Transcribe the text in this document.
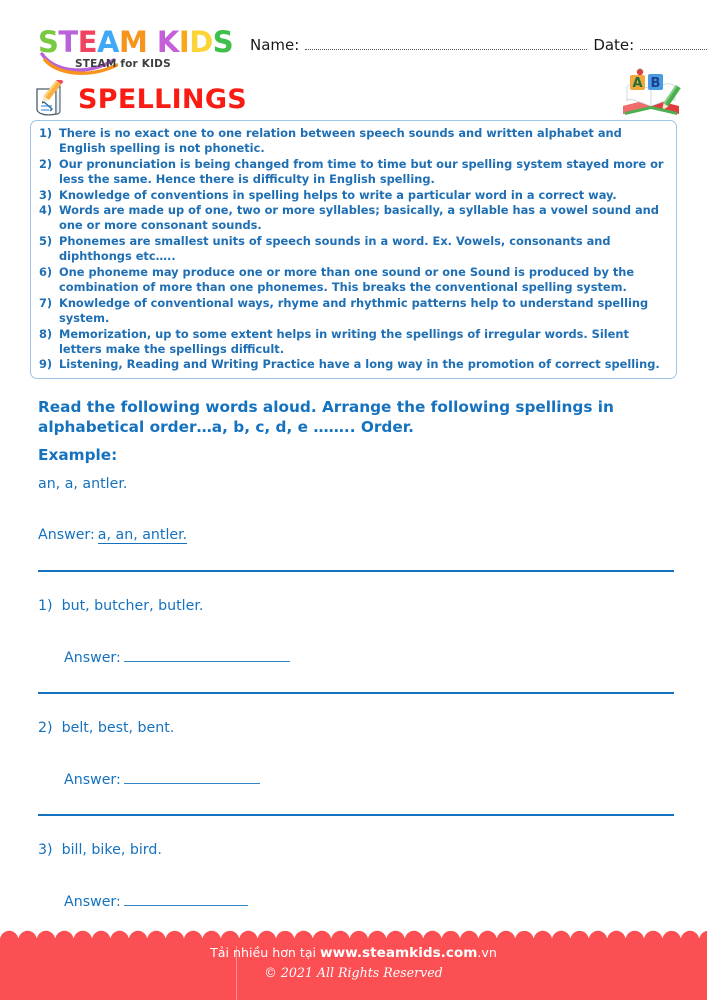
STEAM KIDS
STEAM for KIDS
Name:	Date:
SPELLINGS	A B
1) There is no exact one to one relation between speech sounds and written alphabet and English spelling is not phonetic.
2) Our pronunciation is being changed from time to time but our spelling system stayed more or less the same. Hence there is difficulty in English spelling.
3) Knowledge of conventions in spelling helps to write a particular word in a correct way.
4) Words are made up of one, two or more syllables; basically, a syllable has a vowel sound and one or more consonant sounds.
5) Phonemes are smallest units of speech sounds in a word. Ex. Vowels, consonants and diphthongs etc…..
6) One phoneme may produce one or more than one sound or one Sound is produced by the combination of more than one phonemes. This breaks the conventional spelling system.
7) Knowledge of conventional ways, rhyme and rhythmic patterns help to understand spelling system.
8) Memorization, up to some extent helps in writing the spellings of irregular words. Silent letters make the spellings difficult.
9) Listening, Reading and Writing Practice have a long way in the promotion of correct spelling.
Read the following words aloud. Arrange the following spellings in alphabetical order…a, b, c, d, e …….. Order.
Example:
an, a, antler.
Answer: a, an, antler.
1)  but, butcher, butler.
Answer:
2)  belt, best, bent.
Answer:
3)  bill, bike, bird.
Answer:
Tải nhiều hơn tại www.steamkids.com.vn
© 2021 All Rights Reserved
